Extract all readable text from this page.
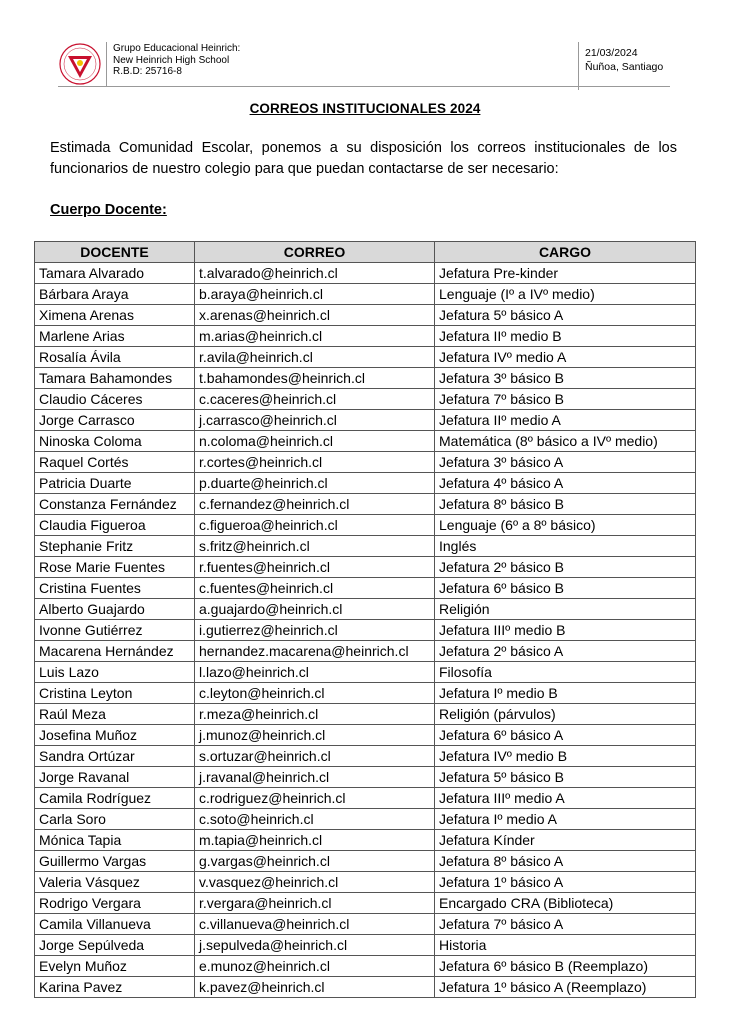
Grupo Educacional Heinrich:
New Heinrich High School
R.B.D: 25716-8
21/03/2024
Ñuñoa, Santiago
CORREOS INSTITUCIONALES 2024
Estimada Comunidad Escolar, ponemos a su disposición los correos institucionales de los funcionarios de nuestro colegio para que puedan contactarse de ser necesario:
Cuerpo Docente:
DOCENTE	CORREO	CARGO
Tamara Alvarado	t.alvarado@heinrich.cl	Jefatura Pre-kinder
Bárbara Araya	b.araya@heinrich.cl	Lenguaje (Iº a IVº medio)
Ximena Arenas	x.arenas@heinrich.cl	Jefatura 5º básico A
Marlene Arias	m.arias@heinrich.cl	Jefatura IIº medio B
Rosalía Ávila	r.avila@heinrich.cl	Jefatura IVº medio A
Tamara Bahamondes	t.bahamondes@heinrich.cl	Jefatura 3º básico B
Claudio Cáceres	c.caceres@heinrich.cl	Jefatura 7º básico B
Jorge Carrasco	j.carrasco@heinrich.cl	Jefatura IIº medio A
Ninoska Coloma	n.coloma@heinrich.cl	Matemática (8º básico a IVº medio)
Raquel Cortés	r.cortes@heinrich.cl	Jefatura 3º básico A
Patricia Duarte	p.duarte@heinrich.cl	Jefatura 4º básico A
Constanza Fernández	c.fernandez@heinrich.cl	Jefatura 8º básico B
Claudia Figueroa	c.figueroa@heinrich.cl	Lenguaje (6º a 8º básico)
Stephanie Fritz	s.fritz@heinrich.cl	Inglés
Rose Marie Fuentes	r.fuentes@heinrich.cl	Jefatura 2º básico B
Cristina Fuentes	c.fuentes@heinrich.cl	Jefatura 6º básico B
Alberto Guajardo	a.guajardo@heinrich.cl	Religión
Ivonne Gutiérrez	i.gutierrez@heinrich.cl	Jefatura IIIº medio B
Macarena Hernández	hernandez.macarena@heinrich.cl	Jefatura 2º básico A
Luis Lazo	l.lazo@heinrich.cl	Filosofía
Cristina Leyton	c.leyton@heinrich.cl	Jefatura Iº medio B
Raúl Meza	r.meza@heinrich.cl	Religión (párvulos)
Josefina Muñoz	j.munoz@heinrich.cl	Jefatura 6º básico A
Sandra Ortúzar	s.ortuzar@heinrich.cl	Jefatura IVº medio B
Jorge Ravanal	j.ravanal@heinrich.cl	Jefatura 5º básico B
Camila Rodríguez	c.rodriguez@heinrich.cl	Jefatura IIIº medio A
Carla Soro	c.soto@heinrich.cl	Jefatura Iº medio A
Mónica Tapia	m.tapia@heinrich.cl	Jefatura Kínder
Guillermo Vargas	g.vargas@heinrich.cl	Jefatura 8º básico A
Valeria Vásquez	v.vasquez@heinrich.cl	Jefatura 1º básico A
Rodrigo Vergara	r.vergara@heinrich.cl	Encargado CRA (Biblioteca)
Camila Villanueva	c.villanueva@heinrich.cl	Jefatura 7º básico A
Jorge Sepúlveda	j.sepulveda@heinrich.cl	Historia
Evelyn Muñoz	e.munoz@heinrich.cl	Jefatura 6º básico B (Reemplazo)
Karina Pavez	k.pavez@heinrich.cl	Jefatura 1º básico A (Reemplazo)
